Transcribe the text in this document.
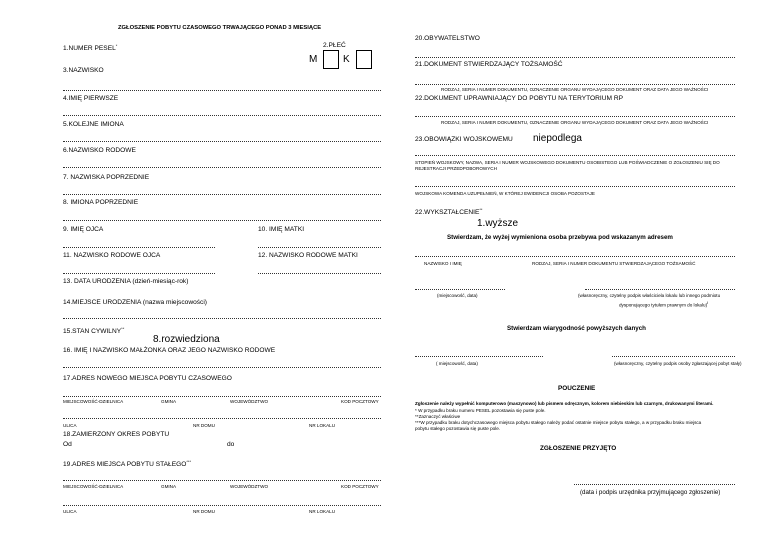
ZGŁOSZENIE POBYTU CZASOWEGO TRWAJĄCEGO PONAD 3 MIESIĄCE
1.NUMER PESEL*	2.PŁEĆ
M	K
3.NAZWISKO
4.IMIĘ PIERWSZE
5.KOLEJNE IMIONA
6.NAZWISKO RODOWE
7. NAZWISKA POPRZEDNIE
8. IMIONA POPRZEDNIE
9. IMIĘ OJCA	10. IMIĘ MATKI
11. NAZWISKO RODOWE OJCA	12. NAZWISKO RODOWE MATKI
13. DATA URODZENIA (dzień-miesiąc-rok)
14.MIEJSCE URODZENIA (nazwa miejscowości)
15.STAN CYWILNY**
8.rozwiedziona
16. IMIĘ I NAZWISKO MAŁŻONKA ORAZ JEGO NAZWISKO RODOWE
17.ADRES NOWEGO MIEJSCA POBYTU CZASOWEGO
MIEJSCOWOŚĆ-DZIELNICA	GMINA	WOJEWÓDZTWO	KOD POCZTOWY
ULICA	NR DOMU	NR LOKALU
18.ZAMIERZONY OKRES POBYTU
Od	do
19.ADRES MIEJSCA POBYTU STAŁEGO***
MIEJSCOWOŚĆ-DZIELNICA	GMINA	WOJEWÓDZTWO	KOD POCZTOWY
ULICA	NR DOMU	NR LOKALU
20.OBYWATELSTWO
21.DOKUMENT STWIERDZAJĄCY TOŻSAMOŚĆ
RODZAJ, SERIA I NUMER DOKUMENTU, OZNACZENIE ORGANU WYDAJĄCEGO DOKUMENT ORAZ DATA JEGO WAŻNOŚCI
22.DOKUMENT UPRAWNIAJĄCY DO POBYTU NA TERYTORIUM RP
RODZAJ, SERIA I NUMER DOKUMENTU, OZNACZENIE ORGANU WYDAJĄCEGO DOKUMENT ORAZ DATA JEGO WAŻNOŚCI
23.OBOWIĄZKI WOJSKOWEMU niepodlega
STOPIEŃ WOJSKOWY, NAZWA, SERIA I NUMER WOJSKOWEGO DOKUMENTU OSOBISTEGO LUB POŚWIADCZENIE O ZGŁOSZENIU SIĘ DO REJESTRACJI PRZEDPOBOROWYCH
WOJSKOWA KOMENDA UZUPEŁNIEŃ, W KTÓREJ EWIDENCJI OSOBA POZOSTAJE
22.WYKSZTAŁCENIE**
1.wyższe
Stwierdzam, że wyżej wymieniona osoba przebywa pod wskazanym adresem
NAZWISKO I IMIĘ	RODZAJ, SERIA I NUMER DOKUMENTU STWIERDZAJĄCEGO TOŻSAMOŚĆ
(miejscowość, data)	(własnoręczny, czytelny podpis właściciela lokalu lub innego podmiotu
dysponującego tytułem prawnym do lokalu)$^I$
Stwierdzam wiarygodność powyższych danych
( miejscowość, data)	(własnoręczny, czytelny podpis osoby zgłaszającej pobyt stały)
POUCZENIE
Zgłoszenie należy wypełnić komputerowo (maszynowo) lub pismem odręcznym, kolorem niebieskim lub czarnym, drukowanymi literami.
* W przypadku braku numeru PESEL pozostawia się puste pole.
**Zaznaczyć właściwe
***W przypadku braku dotychczasowego miejsca pobytu stałego należy podać ostatnie miejsce pobytu stałego, a w przypadku braku miejsca
pobytu stałego pozostawia się puste pole.
ZGŁOSZENIE PRZYJĘTO
(data i podpis urzędnika przyjmującego zgłoszenie)
